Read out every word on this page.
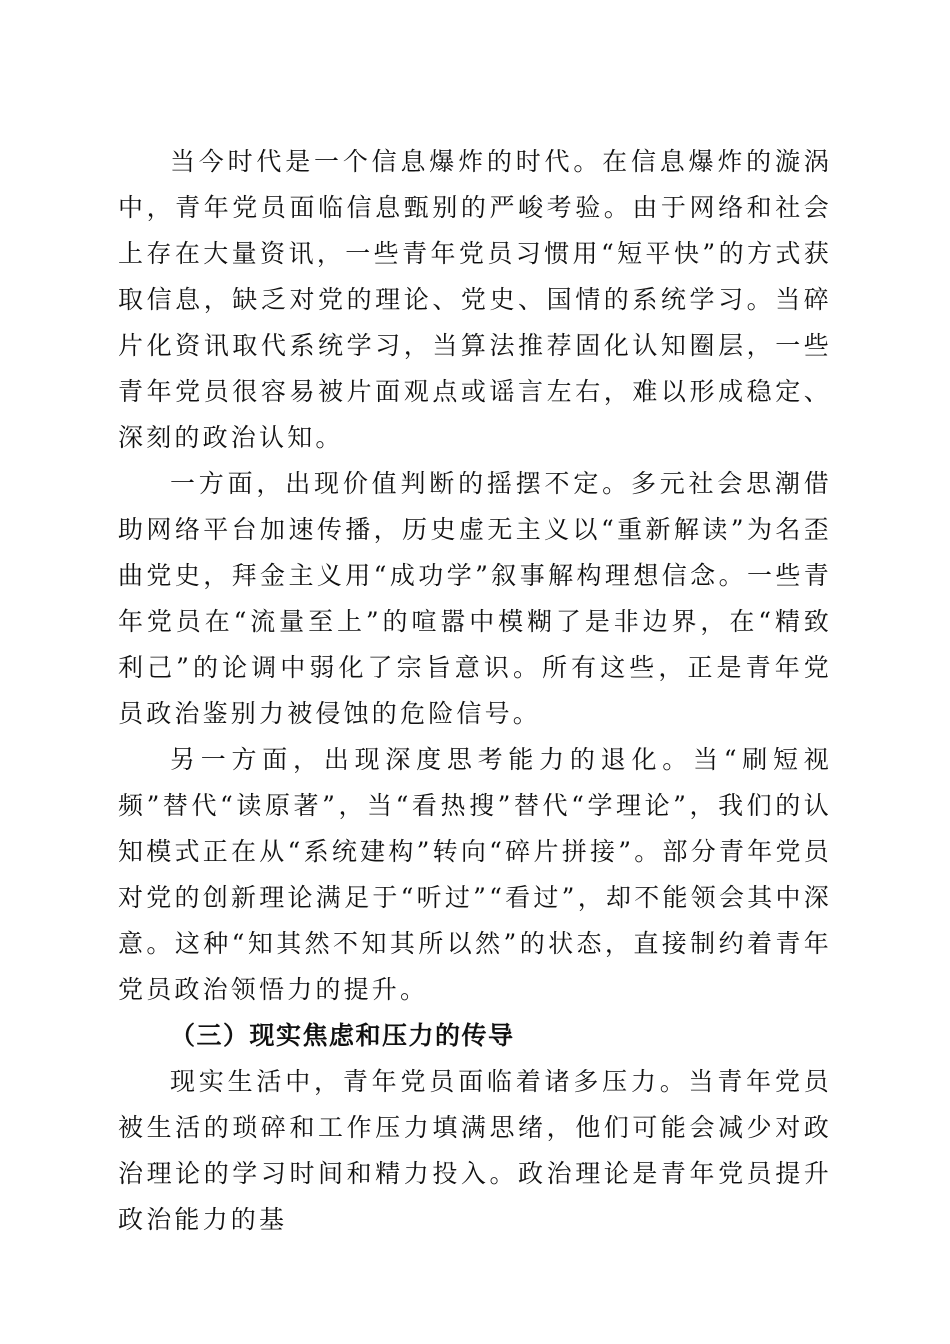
当今时代是一个信息爆炸的时代。在信息爆炸的漩涡中，青年党员面临信息甄别的严峻考验。由于网络和社会上存在大量资讯，一些青年党员习惯用“短平快”的方式获取信息，缺乏对党的理论、党史、国情的系统学习。当碎片化资讯取代系统学习，当算法推荐固化认知圈层，一些青年党员很容易被片面观点或谣言左右，难以形成稳定、深刻的政治认知。

一方面，出现价值判断的摇摆不定。多元社会思潮借助网络平台加速传播，历史虚无主义以“重新解读”为名歪曲党史，拜金主义用“成功学”叙事解构理想信念。一些青年党员在“流量至上”的喧嚣中模糊了是非边界，在“精致利己”的论调中弱化了宗旨意识。所有这些，正是青年党员政治鉴别力被侵蚀的危险信号。

另一方面，出现深度思考能力的退化。当“刷短视频”替代“读原著”，当“看热搜”替代“学理论”，我们的认知模式正在从“系统建构”转向“碎片拼接”。部分青年党员对党的创新理论满足于“听过”“看过”，却不能领会其中深意。这种“知其然不知其所以然”的状态，直接制约着青年党员政治领悟力的提升。

（三）现实焦虑和压力的传导

现实生活中，青年党员面临着诸多压力。当青年党员被生活的琐碎和工作压力填满思绪，他们可能会减少对政治理论的学习时间和精力投入。政治理论是青年党员提升政治能力的基
